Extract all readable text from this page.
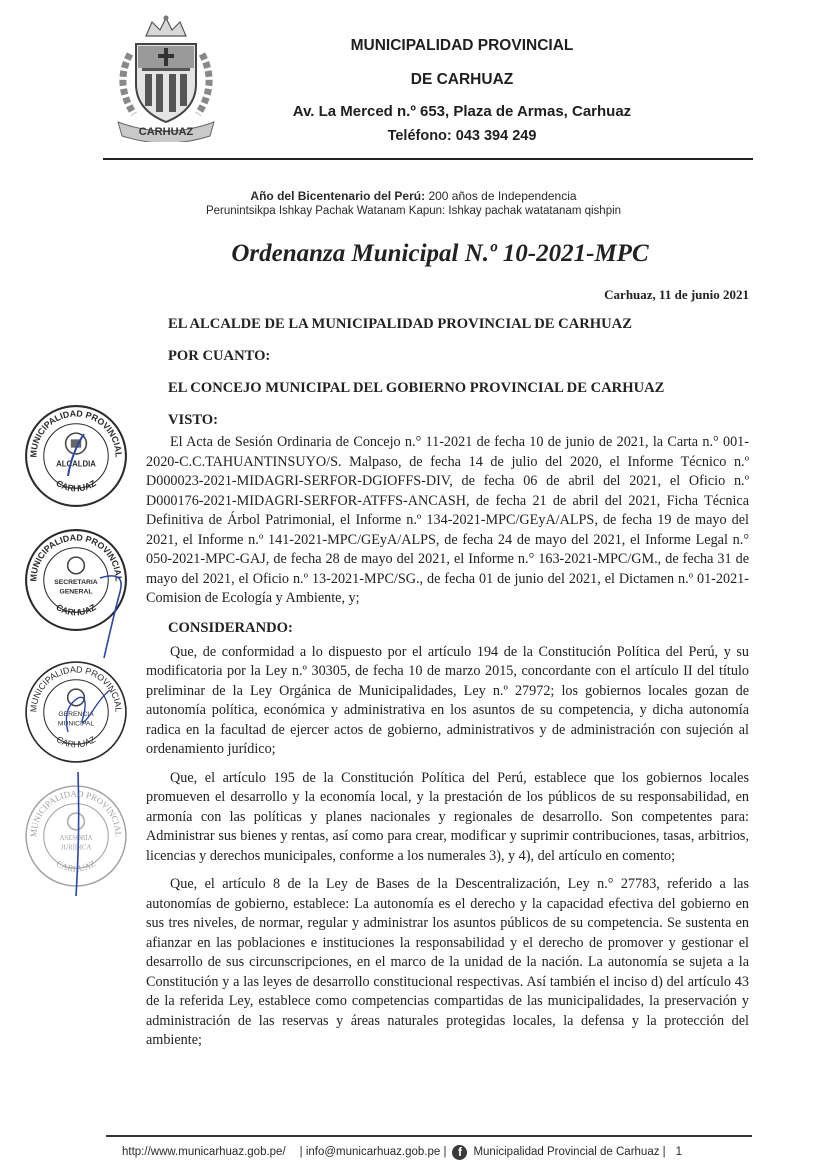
CARHUAZ
MUNICIPALIDAD PROVINCIAL
DE CARHUAZ
Av. La Merced n.º 653, Plaza de Armas, Carhuaz
Teléfono: 043 394 249
Año del Bicentenario del Perú: 200 años de Independencia
Perunintsikpa Ishkay Pachak Watanam Kapun: Ishkay pachak watatanam qishpin
Ordenanza Municipal N.º 10-2021-MPC
Carhuaz, 11 de junio 2021
EL ALCALDE DE LA MUNICIPALIDAD PROVINCIAL DE CARHUAZ
POR CUANTO:
EL CONCEJO MUNICIPAL DEL GOBIERNO PROVINCIAL DE CARHUAZ
VISTO:

El Acta de Sesión Ordinaria de Concejo n.° 11-2021 de fecha 10 de junio de 2021, la Carta n.° 001-2020-C.C.TAHUANTINSUYO/S. Malpaso, de fecha 14 de julio del 2020, el Informe Técnico n.º D000023-2021-MIDAGRI-SERFOR-DGIOFFS-DIV, de fecha 06 de abril del 2021, el Oficio n.º D000176-2021-MIDAGRI-SERFOR-ATFFS-ANCASH, de fecha 21 de abril del 2021, Ficha Técnica Definitiva de Árbol Patrimonial, el Informe n.º 134-2021-MPC/GEyA/ALPS, de fecha 19 de mayo del 2021, el Informe n.º 141-2021-MPC/GEyA/ALPS, de fecha 24 de mayo del 2021, el Informe Legal n.° 050-2021-MPC-GAJ, de fecha 28 de mayo del 2021, el Informe n.° 163-2021-MPC/GM., de fecha 31 de mayo del 2021, el Oficio n.º 13-2021-MPC/SG., de fecha 01 de junio del 2021, el Dictamen n.º 01-2021-Comision de Ecología y Ambiente, y;

CONSIDERANDO:

Que, de conformidad a lo dispuesto por el artículo 194 de la Constitución Política del Perú, y su modificatoria por la Ley n.º 30305, de fecha 10 de marzo 2015, concordante con el artículo II del título preliminar de la Ley Orgánica de Municipalidades, Ley n.º 27972; los gobiernos locales gozan de autonomía política, económica y administrativa en los asuntos de su competencia, y dicha autonomía radica en la facultad de ejercer actos de gobierno, administrativos y de administración con sujeción al ordenamiento jurídico;

Que, el artículo 195 de la Constitución Política del Perú, establece que los gobiernos locales promueven el desarrollo y la economía local, y la prestación de los públicos de su responsabilidad, en armonía con las políticas y planes nacionales y regionales de desarrollo. Son competentes para: Administrar sus bienes y rentas, así como para crear, modificar y suprimir contribuciones, tasas, arbitrios, licencias y derechos municipales, conforme a los numerales 3), y 4), del artículo en comento;

Que, el artículo 8 de la Ley de Bases de la Descentralización, Ley n.° 27783, referido a las autonomías de gobierno, establece: La autonomía es el derecho y la capacidad efectiva del gobierno en sus tres niveles, de normar, regular y administrar los asuntos públicos de su competencia. Se sustenta en afianzar en las poblaciones e instituciones la responsabilidad y el derecho de promover y gestionar el desarrollo de sus circunscripciones, en el marco de la unidad de la nación. La autonomía se sujeta a la Constitución y a las leyes de desarrollo constitucional respectivas. Así también el inciso d) del artículo 43 de la referida Ley, establece como competencias compartidas de las municipalidades, la preservación y administración de las reservas y áreas naturales protegidas locales, la defensa y la protección del ambiente;

MUNICIPALIDAD PROVINCIAL
CARHUAZ
ALCALDIA
MUNICIPALIDAD PROVINCIAL
CARHUAZ
SECRETARIA
GENERAL
MUNICIPALIDAD PROVINCIAL
CARHUAZ
GERENCIA
MUNICIPAL
MUNICIPALIDAD PROVINCIAL
CARHUAZ
ASESORÍA
JURÍDICA
http://www.municarhuaz.gob.pe/ | info@municarhuaz.gob.pe | f	Municipalidad Provincial de Carhuaz | 1
